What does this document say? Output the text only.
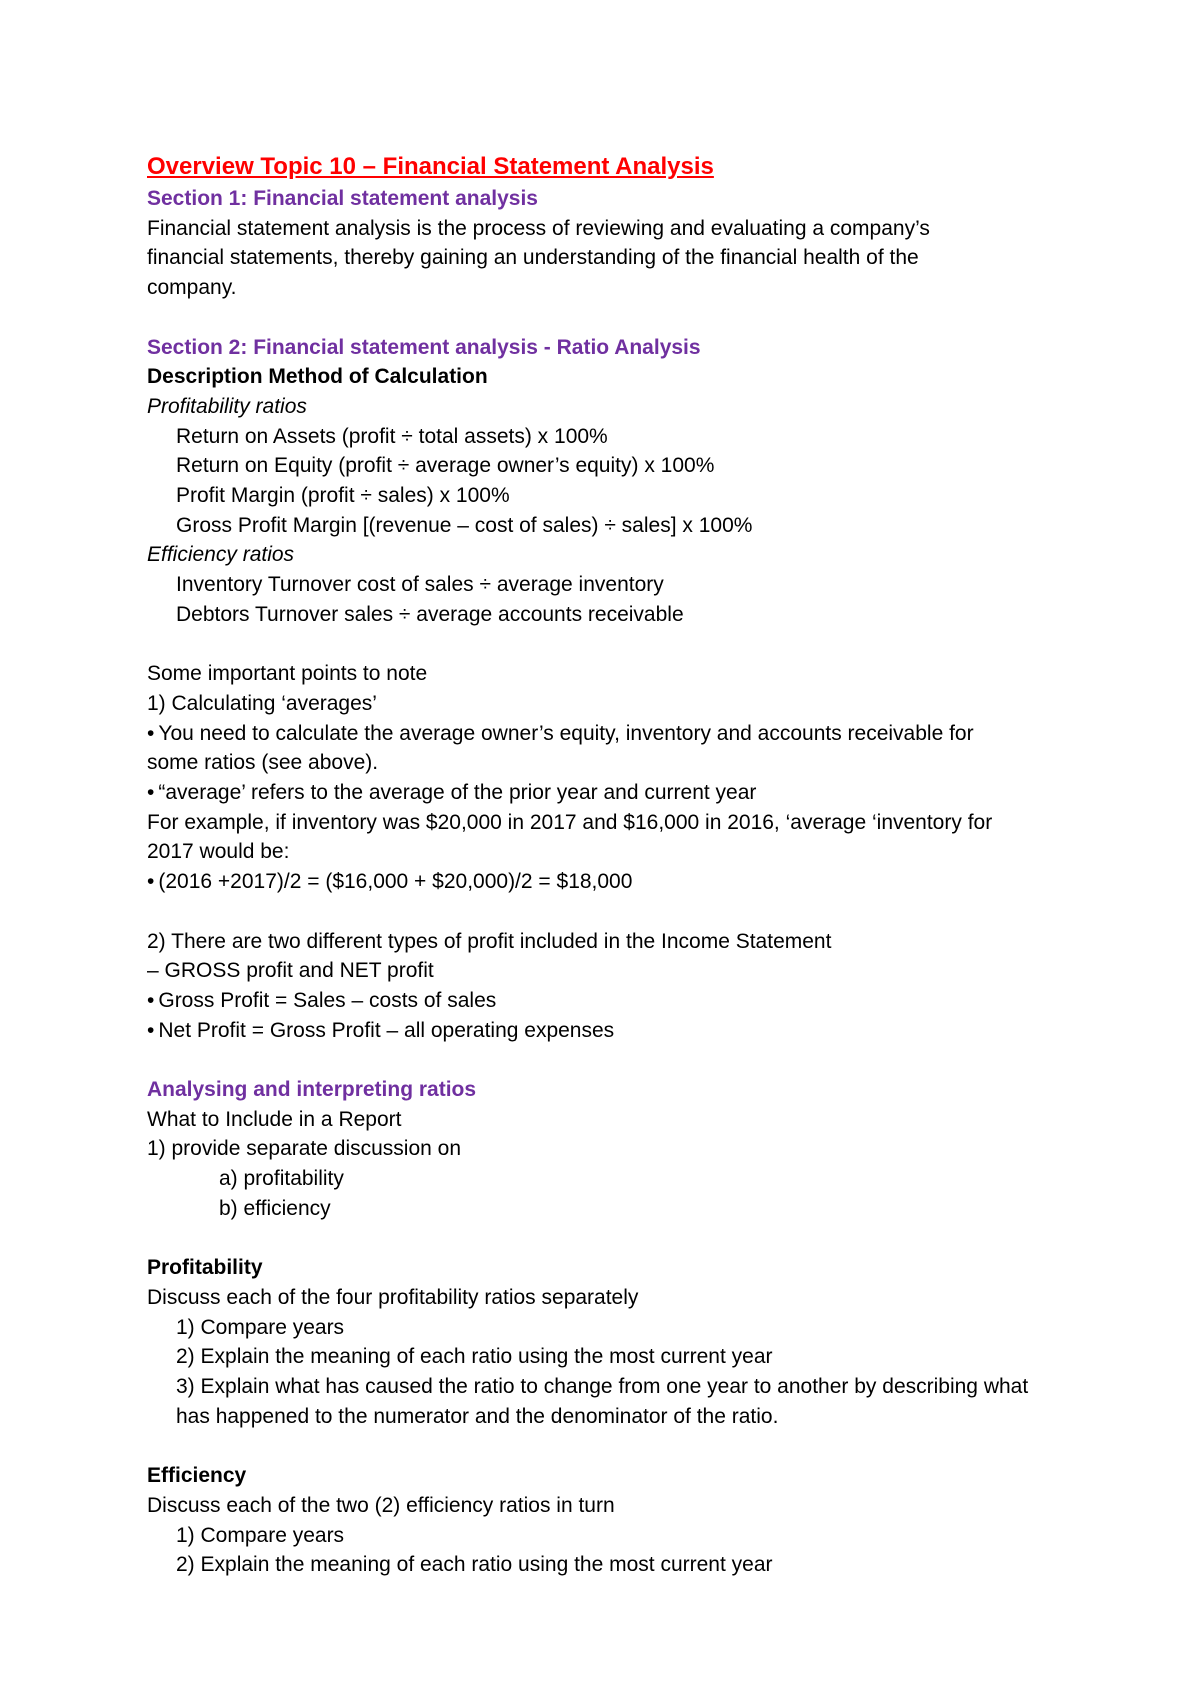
Overview Topic 10 – Financial Statement Analysis
Section 1: Financial statement analysis
Financial statement analysis is the process of reviewing and evaluating a company’s financial statements, thereby gaining an understanding of the financial health of the company.
Section 2: Financial statement analysis - Ratio Analysis
Description Method of Calculation
Profitability ratios
Return on Assets (profit ÷ total assets) x 100%
Return on Equity (profit ÷ average owner’s equity) x 100%
Profit Margin (profit ÷ sales) x 100%
Gross Profit Margin [(revenue – cost of sales) ÷ sales] x 100%
Efficiency ratios
Inventory Turnover cost of sales ÷ average inventory
Debtors Turnover sales ÷ average accounts receivable
Some important points to note
1) Calculating ‘averages’
• You need to calculate the average owner’s equity, inventory and accounts receivable for some ratios (see above).
• “average’ refers to the average of the prior year and current year
For example, if inventory was $20,000 in 2017 and $16,000 in 2016, ‘average ‘inventory for 2017 would be:
• (2016 +2017)/2 = ($16,000 + $20,000)/2 = $18,000
2) There are two different types of profit included in the Income Statement
– GROSS profit and NET profit
• Gross Profit = Sales – costs of sales
• Net Profit = Gross Profit – all operating expenses
Analysing and interpreting ratios
What to Include in a Report
1) provide separate discussion on
a) profitability
b) efficiency
Profitability
Discuss each of the four profitability ratios separately
1) Compare years
2) Explain the meaning of each ratio using the most current year
3) Explain what has caused the ratio to change from one year to another by describing what has happened to the numerator and the denominator of the ratio.
Efficiency
Discuss each of the two (2) efficiency ratios in turn
1) Compare years
2) Explain the meaning of each ratio using the most current year
